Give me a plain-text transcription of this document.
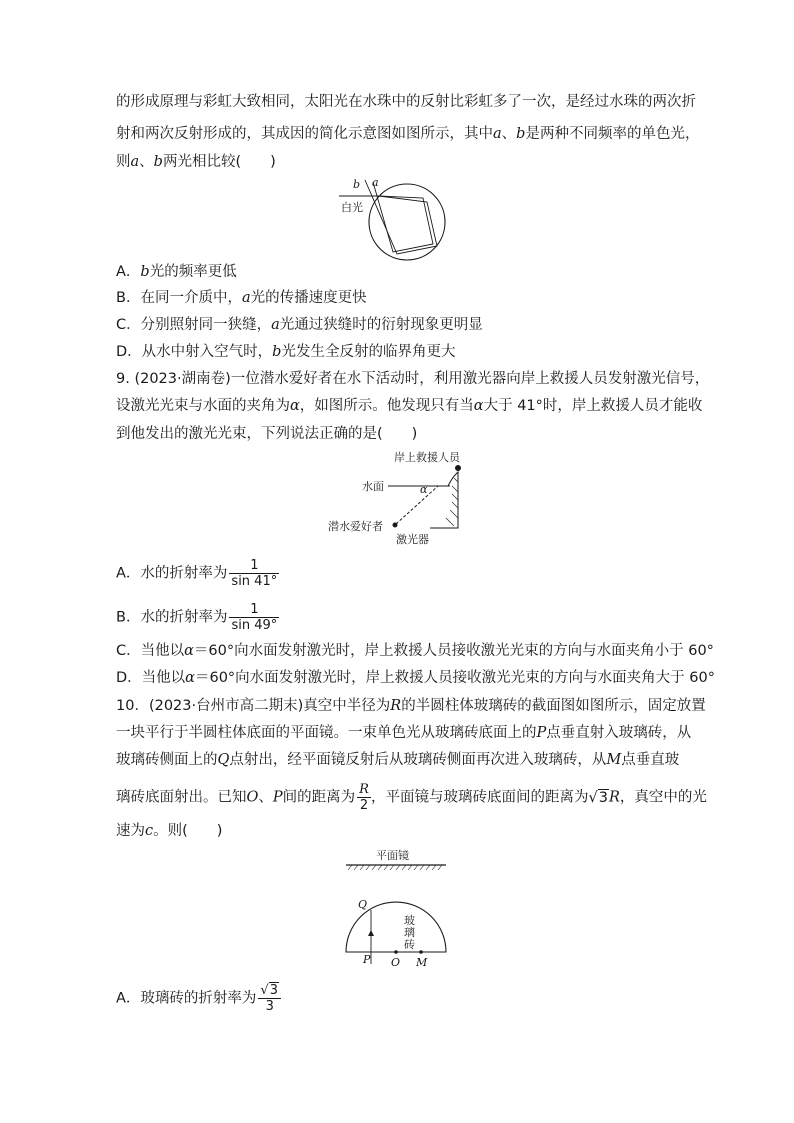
的形成原理与彩虹大致相同，太阳光在水珠中的反射比彩虹多了一次，是经过水珠的两次折
射和两次反射形成的，其成因的简化示意图如图所示，其中a、b是两种不同频率的单色光，
则a、b两光相比较(　　)
b a
白光
A．b光的频率更低
B．在同一介质中，a光的传播速度更快
C．分别照射同一狭缝，a光通过狭缝时的衍射现象更明显
D．从水中射入空气时，b光发生全反射的临界角更大
9. (2023·湖南卷)一位潜水爱好者在水下活动时，利用激光器向岸上救援人员发射激光信号，
设激光光束与水面的夹角为α，如图所示。他发现只有当α大于 41°时，岸上救援人员才能收
到他发出的激光光束，下列说法正确的是(　　)
岸上救援人员
水面	α
潜水爱好者
激光器
A．水的折射率为 $\frac{1}{\sin 41^\circ}$
B．水的折射率为 $\frac{1}{\sin 49^\circ}$
C．当他以α＝60°向水面发射激光时，岸上救援人员接收激光光束的方向与水面夹角小于 60°
D．当他以α＝60°向水面发射激光时，岸上救援人员接收激光光束的方向与水面夹角大于 60°
10．(2023·台州市高二期末)真空中半径为R的半圆柱体玻璃砖的截面图如图所示，固定放置
一块平行于半圆柱体底面的平面镜。一束单色光从玻璃砖底面上的P点垂直射入玻璃砖，从
玻璃砖侧面上的Q点射出，经平面镜反射后从玻璃砖侧面再次进入玻璃砖，从M点垂直玻
璃砖底面射出。已知O、P间的距离为 $\frac{R}{2}$ ，平面镜与玻璃砖底面间的距离为√3R，真空中的光
速为c。则(　　)
平面镜
Q
玻
璃
砖
P O M
A．玻璃砖的折射率为 $\frac{√3}{3}$
